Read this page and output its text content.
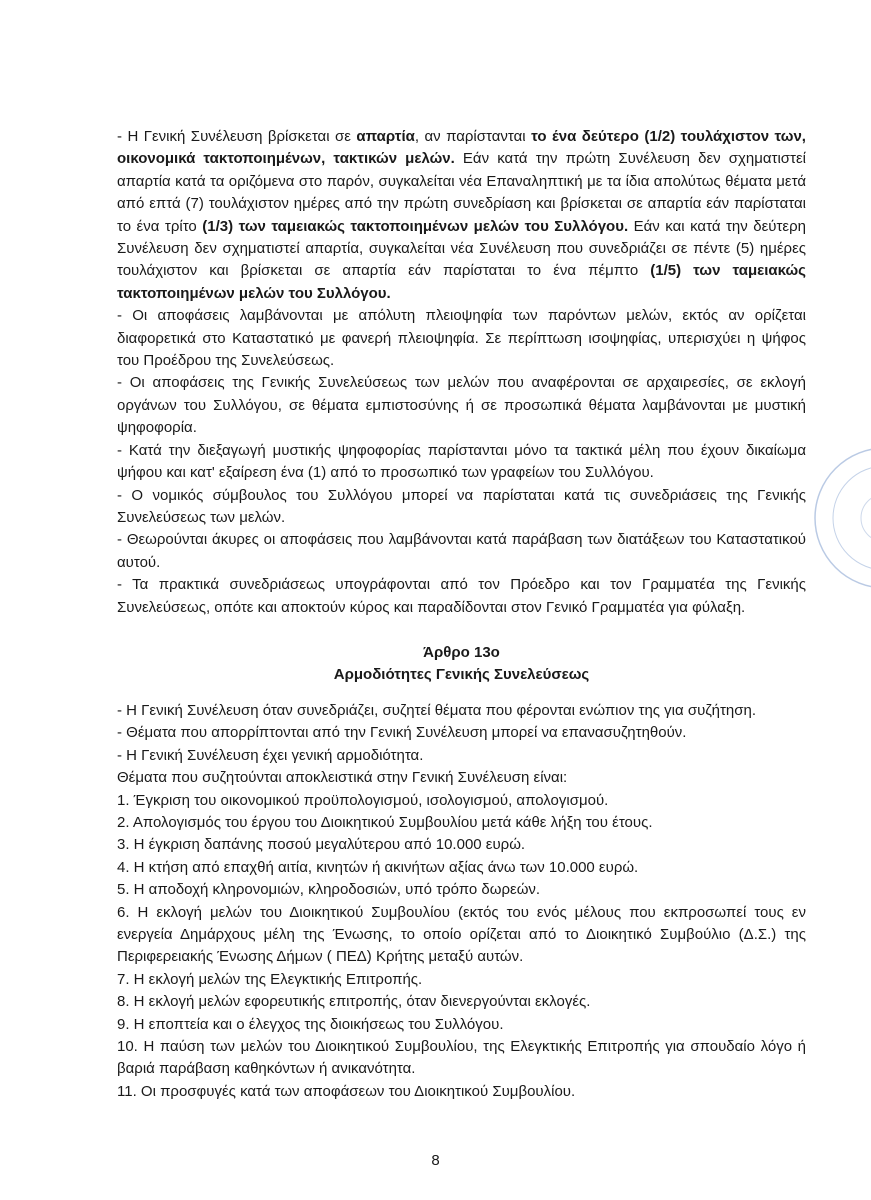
- Η Γενική Συνέλευση βρίσκεται σε απαρτία, αν παρίστανται το ένα δεύτερο (1/2) τουλάχιστον των, οικονομικά τακτοποιημένων, τακτικών μελών. Εάν κατά την πρώτη Συνέλευση δεν σχηματιστεί απαρτία κατά τα οριζόμενα στο παρόν, συγκαλείται νέα Επαναληπτική με τα ίδια απολύτως θέματα μετά από επτά (7) τουλάχιστον ημέρες από την πρώτη συνεδρίαση και βρίσκεται σε απαρτία εάν παρίσταται το ένα τρίτο (1/3) των ταμειακώς τακτοποιημένων μελών του Συλλόγου. Εάν και κατά την δεύτερη Συνέλευση δεν σχηματιστεί απαρτία, συγκαλείται νέα Συνέλευση που συνεδριάζει σε πέντε (5) ημέρες τουλάχιστον και βρίσκεται σε απαρτία εάν παρίσταται το ένα πέμπτο (1/5) των ταμειακώς τακτοποιημένων μελών του Συλλόγου.

- Οι αποφάσεις λαμβάνονται με απόλυτη πλειοψηφία των παρόντων μελών, εκτός αν ορίζεται διαφορετικά στο Καταστατικό με φανερή πλειοψηφία. Σε περίπτωση ισοψηφίας, υπερισχύει η ψήφος του Προέδρου της Συνελεύσεως.

- Οι αποφάσεις της Γενικής Συνελεύσεως των μελών που αναφέρονται σε αρχαιρεσίες, σε εκλογή οργάνων του Συλλόγου, σε θέματα εμπιστοσύνης ή σε προσωπικά θέματα λαμβάνονται με μυστική ψηφοφορία.

- Κατά την διεξαγωγή μυστικής ψηφοφορίας παρίστανται μόνο τα τακτικά μέλη που έχουν δικαίωμα ψήφου και κατ' εξαίρεση ένα (1) από το προσωπικό των γραφείων του Συλλόγου.

- Ο νομικός σύμβουλος του Συλλόγου μπορεί να παρίσταται κατά τις συνεδριάσεις της Γενικής Συνελεύσεως των μελών.

- Θεωρούνται άκυρες οι αποφάσεις που λαμβάνονται κατά παράβαση των διατάξεων του Καταστατικού αυτού.

- Τα πρακτικά συνεδριάσεως υπογράφονται από τον Πρόεδρο και τον Γραμματέα της Γενικής Συνελεύσεως, οπότε και αποκτούν κύρος και παραδίδονται στον Γενικό Γραμματέα για φύλαξη.

Άρθρο 13ο
Αρμοδιότητες Γενικής Συνελεύσεως

- Η Γενική Συνέλευση όταν συνεδριάζει, συζητεί θέματα που φέρονται ενώπιον της για συζήτηση.

- Θέματα που απορρίπτονται από την Γενική Συνέλευση μπορεί να επανασυζητηθούν.

- Η Γενική Συνέλευση έχει γενική αρμοδιότητα.

Θέματα που συζητούνται αποκλειστικά στην Γενική Συνέλευση είναι:

1. Έγκριση του οικονομικού προϋπολογισμού, ισολογισμού, απολογισμού.

2. Απολογισμός του έργου του Διοικητικού Συμβουλίου μετά κάθε λήξη του έτους.

3. Η έγκριση δαπάνης ποσού μεγαλύτερου από 10.000 ευρώ.

4. Η κτήση από επαχθή αιτία, κινητών ή ακινήτων αξίας άνω των 10.000 ευρώ.

5. Η αποδοχή κληρονομιών, κληροδοσιών, υπό τρόπο δωρεών.

6. Η εκλογή μελών του Διοικητικού Συμβουλίου (εκτός του ενός μέλους που εκπροσωπεί τους εν ενεργεία Δημάρχους μέλη της Ένωσης, το οποίο ορίζεται από το Διοικητικό Συμβούλιο (Δ.Σ.) της Περιφερειακής Ένωσης Δήμων ( ΠΕΔ) Κρήτης μεταξύ αυτών.

7. Η εκλογή μελών της Ελεγκτικής Επιτροπής.

8. Η εκλογή μελών εφορευτικής επιτροπής, όταν διενεργούνται εκλογές.

9. Η εποπτεία και ο έλεγχος της διοικήσεως του Συλλόγου.

10. Η παύση των μελών του Διοικητικού Συμβουλίου, της Ελεγκτικής Επιτροπής για σπουδαίο λόγο ή βαριά παράβαση καθηκόντων ή ανικανότητα.

11. Οι προσφυγές κατά των αποφάσεων του Διοικητικού Συμβουλίου.

8
